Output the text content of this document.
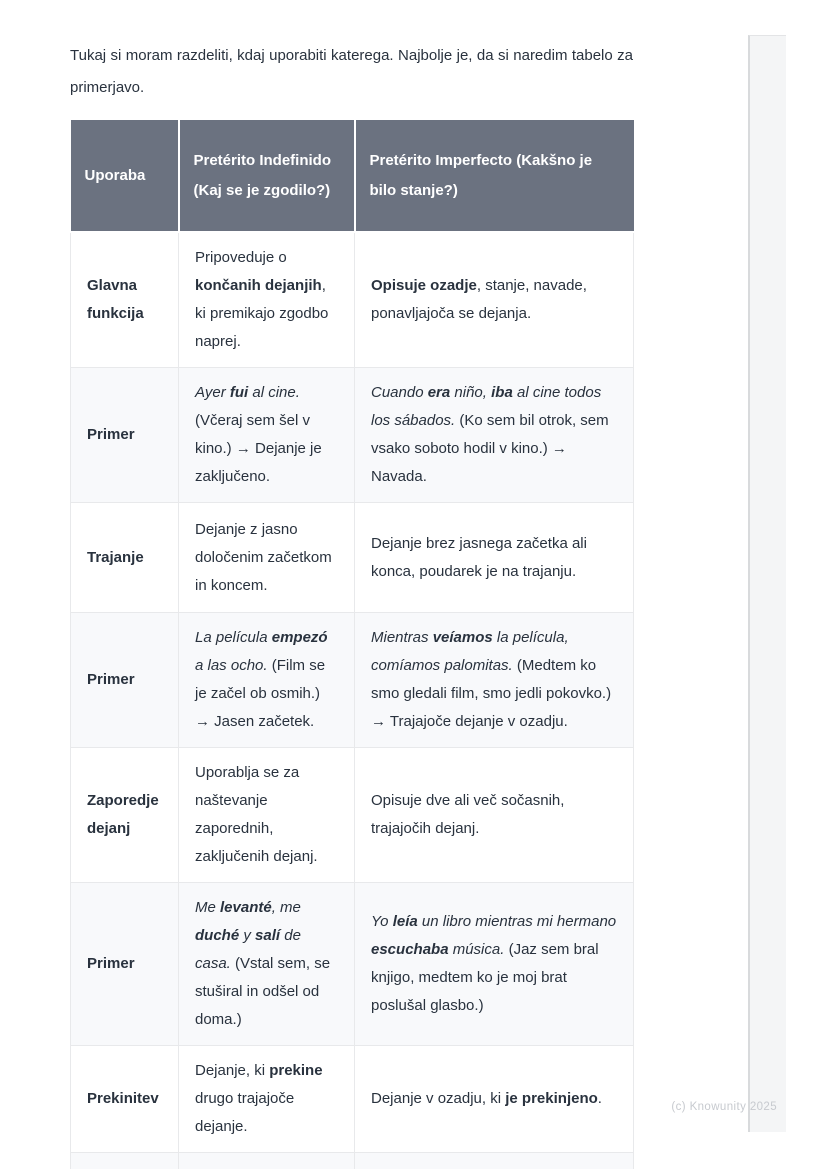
Tukaj si moram razdeliti, kdaj uporabiti katerega. Najbolje je, da si naredim tabelo za primerjavo.

Uporaba	Pretérito Indefinido (Kaj se je zgodilo?)	Pretérito Imperfecto (Kakšno je bilo stanje?)
Glavna funkcija	Pripoveduje o končanih dejanjih, ki premikajo zgodbo naprej.	Opisuje ozadje, stanje, navade, ponavljajoča se dejanja.
Primer	Ayer fui al cine. (Včeraj sem šel v kino.) → Dejanje je zaključeno.	Cuando era niño, iba al cine todos los sábados. (Ko sem bil otrok, sem vsako soboto hodil v kino.) → Navada.
Trajanje	Dejanje z jasno določenim začetkom in koncem.	Dejanje brez jasnega začetka ali konca, poudarek je na trajanju.
Primer	La película empezó a las ocho. (Film se je začel ob osmih.) → Jasen začetek.	Mientras veíamos la película, comíamos palomitas. (Medtem ko smo gledali film, smo jedli pokovko.) → Trajajoče dejanje v ozadju.
Zaporedje dejanj	Uporablja se za naštevanje zaporednih, zaključenih dejanj.	Opisuje dve ali več sočasnih, trajajočih dejanj.
Primer	Me levanté, me duché y salí de casa. (Vstal sem, se stuširal in odšel od doma.)	Yo leía un libro mientras mi hermano escuchaba música. (Jaz sem bral knjigo, medtem ko je moj brat poslušal glasbo.)
Prekinitev	Dejanje, ki prekine drugo trajajoče dejanje.	Dejanje v ozadju, ki je prekinjeno.
			(c) Knowunity 2025
